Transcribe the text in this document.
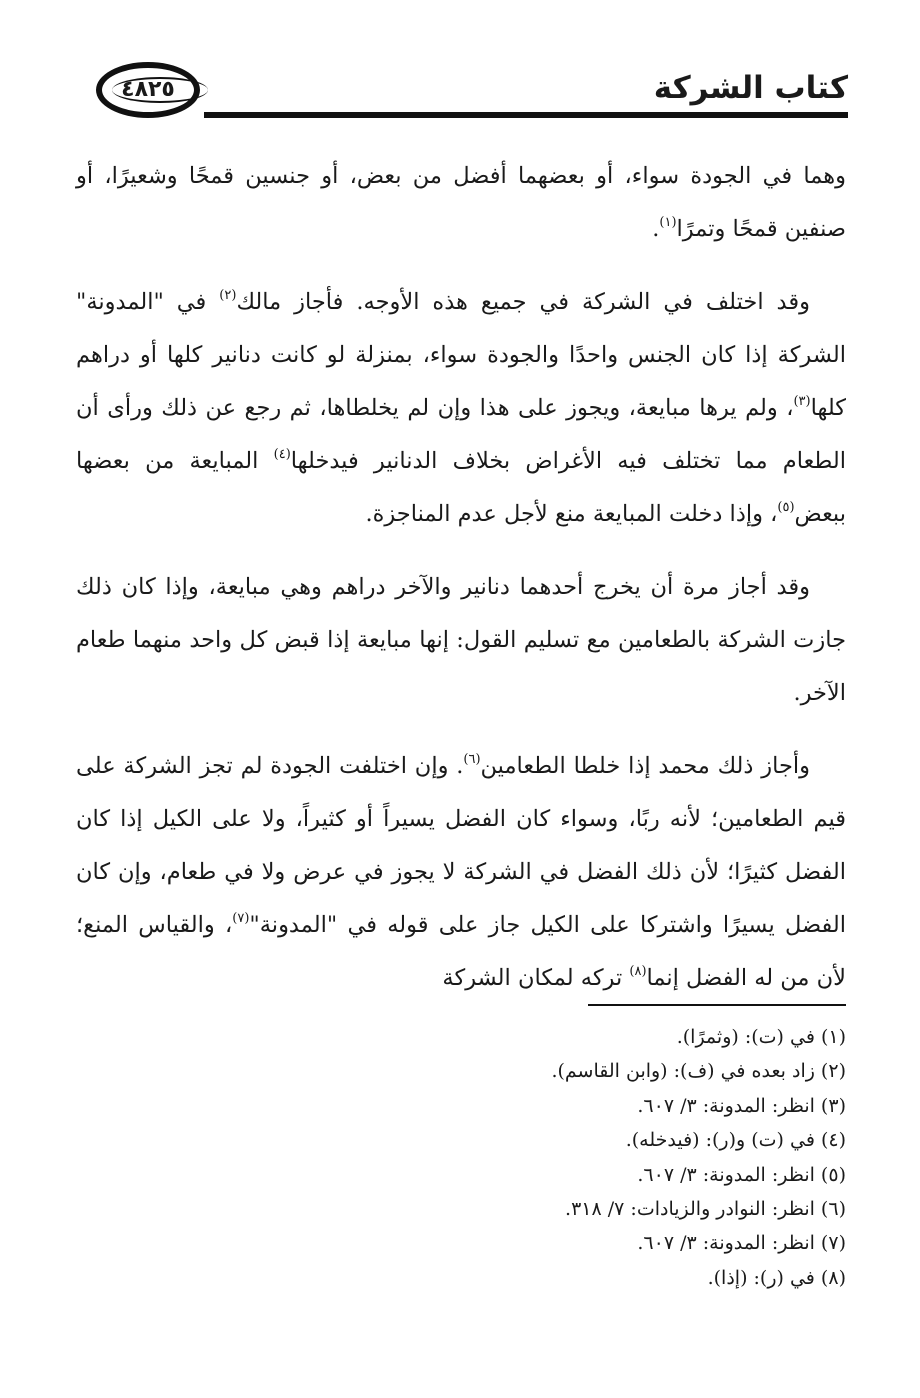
كتاب الشركة
٤٨٢٥

وهما في الجودة سواء، أو بعضهما أفضل من بعض، أو جنسين قمحًا وشعيرًا، أو صنفين قمحًا وتمرًا$^{(١)}$.

وقد اختلف في الشركة في جميع هذه الأوجه. فأجاز مالك$^{(٢)}$ في "المدونة" الشركة إذا كان الجنس واحدًا والجودة سواء، بمنزلة لو كانت دنانير كلها أو دراهم كلها$^{(٣)}$، ولم يرها مبايعة، ويجوز على هذا وإن لم يخلطاها، ثم رجع عن ذلك ورأى أن الطعام مما تختلف فيه الأغراض بخلاف الدنانير فيدخلها$^{(٤)}$ المبايعة من بعضها ببعض$^{(٥)}$، وإذا دخلت المبايعة منع لأجل عدم المناجزة.

وقد أجاز مرة أن يخرج أحدهما دنانير والآخر دراهم وهي مبايعة، وإذا كان ذلك جازت الشركة بالطعامين مع تسليم القول: إنها مبايعة إذا قبض كل واحد منهما طعام الآخر.

وأجاز ذلك محمد إذا خلطا الطعامين$^{(٦)}$. وإن اختلفت الجودة لم تجز الشركة على قيم الطعامين؛ لأنه ربًا، وسواء كان الفضل يسيراً أو كثيراً، ولا على الكيل إذا كان الفضل كثيرًا؛ لأن ذلك الفضل في الشركة لا يجوز في عرض ولا في طعام، وإن كان الفضل يسيرًا واشتركا على الكيل جاز على قوله في "المدونة"$^{(٧)}$، والقياس المنع؛ لأن من له الفضل إنما$^{(٨)}$ تركه لمكان الشركة

(١) في (ت): (وثمرًا).
(٢) زاد بعده في (ف): (وابن القاسم).
(٣) انظر: المدونة: ٣/ ٦٠٧.
(٤) في (ت) و(ر): (فيدخله).
(٥) انظر: المدونة: ٣/ ٦٠٧.
(٦) انظر: النوادر والزيادات: ٧/ ٣١٨.
(٧) انظر: المدونة: ٣/ ٦٠٧.
(٨) في (ر): (إذا).
